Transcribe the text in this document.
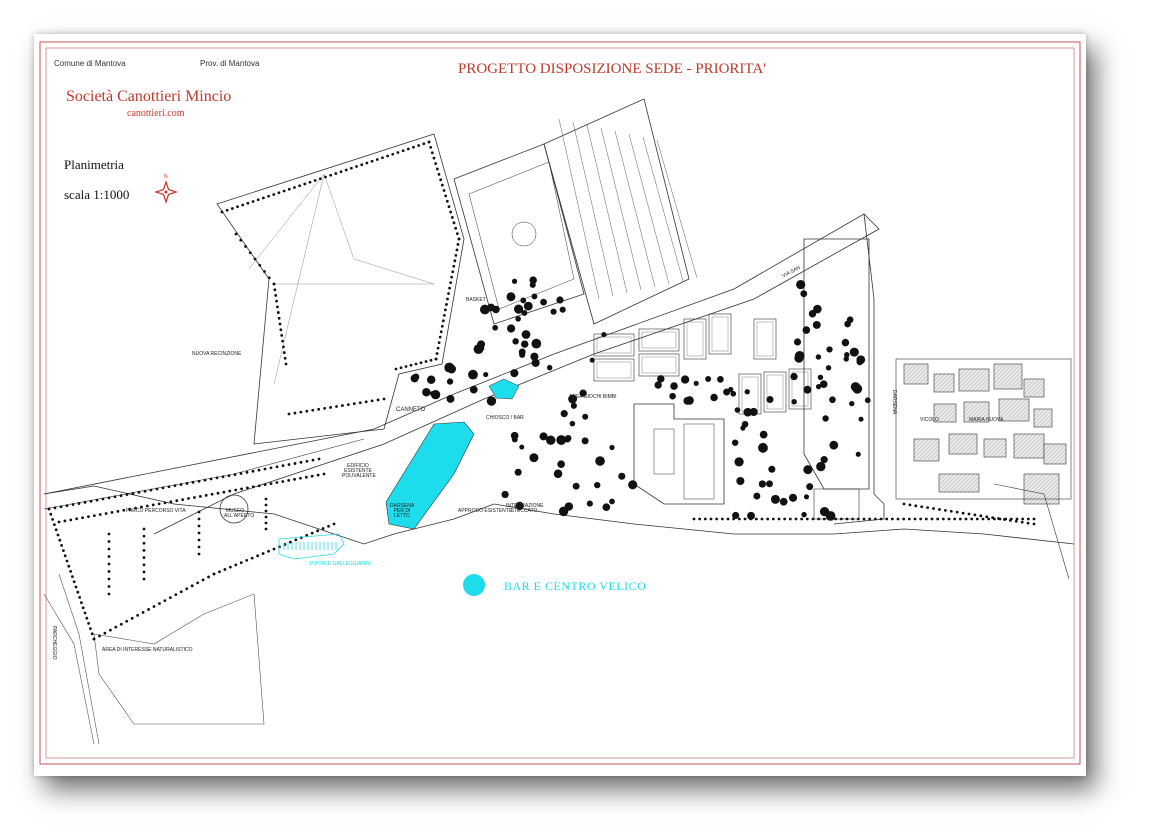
N
Comune di Mantova	Prov. di Mantova	PROGETTO DISPOSIZIONE SEDE - PRIORITA'
Società Canottieri Mincio
canottieri.com
Planimetria
scala 1:1000
NUOVA RECINZIONE
CANNETO
BASKET
CHIOSCO / BAR
AREA GIOCHI BIMBI
EDIFICIO ESISTENTE POLIVALENTE
DARSENA PER DI LETTO
APPRODO ESISTENTE
INTEGRAZIONE STECCATO
PARCO PERCORSO VITA	MUSEO ALL'APERTO
PONTILE GALLEGGIANTE
AREA DI INTERESSE NATURALISTICO
PARCHEGGIO
VIA SAN
VICOLO	MARIA NUOVA
DARSENA
BAR E CENTRO VELICO
